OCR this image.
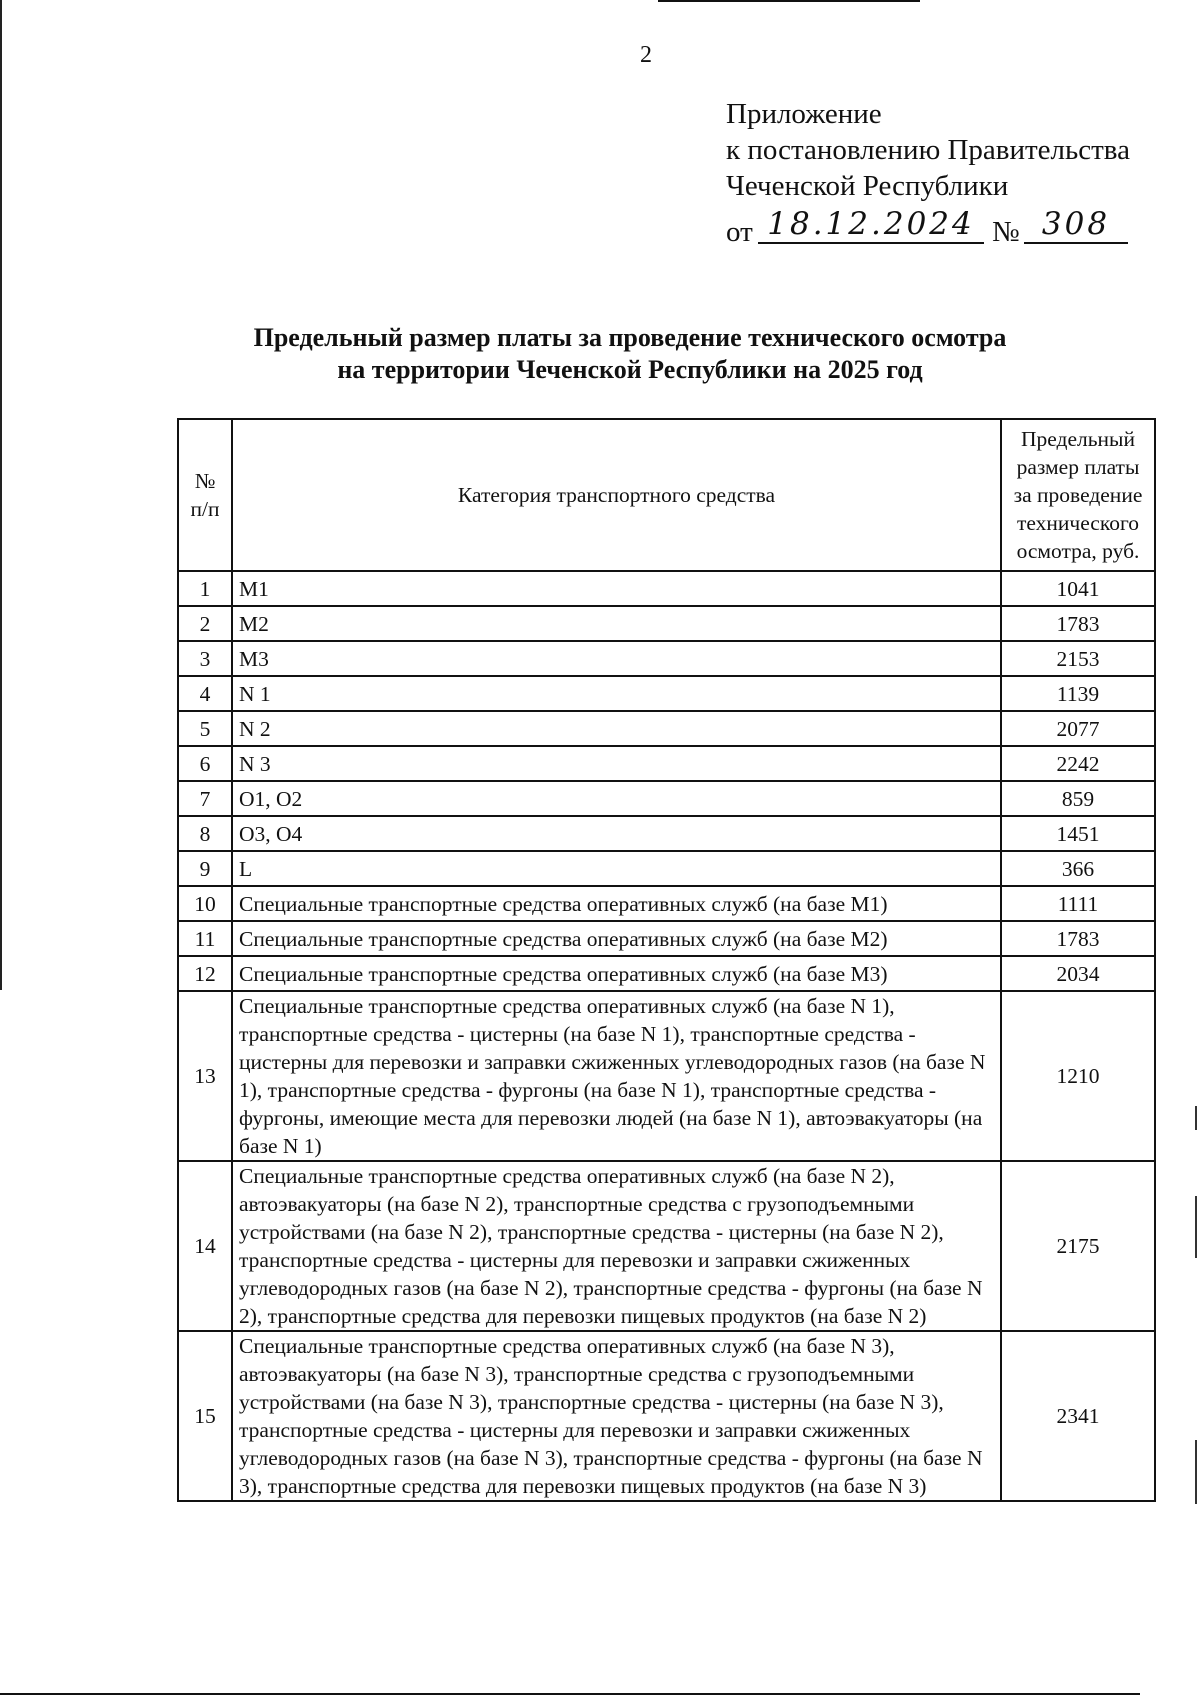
2
Приложение
к постановлению Правительства
Чеченской Республики
от 18.12.2024 № 308
Предельный размер платы за проведение технического осмотра
на территории Чеченской Республики на 2025 год
№ п/п	Категория транспортного средства	Предельный размер платы за проведение технического осмотра, руб.
1	M1	1041
2	M2	1783
3	M3	2153
4	N 1	1139
5	N 2	2077
6	N 3	2242
7	O1, O2	859
8	O3, O4	1451
9	L	366
10	Специальные транспортные средства оперативных служб (на базе M1)	1111
11	Специальные транспортные средства оперативных служб (на базе M2)	1783
12	Специальные транспортные средства оперативных служб (на базе M3)	2034
13	Специальные транспортные средства оперативных служб (на базе N 1), транспортные средства - цистерны (на базе N 1), транспортные средства - цистерны для перевозки и заправки сжиженных углеводородных газов (на базе N 1), транспортные средства - фургоны (на базе N 1), транспортные средства - фургоны, имеющие места для перевозки людей (на базе N 1), автоэвакуаторы (на базе N 1)	1210
14	Специальные транспортные средства оперативных служб (на базе N 2), автоэвакуаторы (на базе N 2), транспортные средства с грузоподъемными устройствами (на базе N 2), транспортные средства - цистерны (на базе N 2), транспортные средства - цистерны для перевозки и заправки сжиженных углеводородных газов (на базе N 2), транспортные средства - фургоны (на базе N 2), транспортные средства для перевозки пищевых продуктов (на базе N 2)	2175
15	Специальные транспортные средства оперативных служб (на базе N 3), автоэвакуаторы (на базе N 3), транспортные средства с грузоподъемными устройствами (на базе N 3), транспортные средства - цистерны (на базе N 3), транспортные средства - цистерны для перевозки и заправки сжиженных углеводородных газов (на базе N 3), транспортные средства - фургоны (на базе N 3), транспортные средства для перевозки пищевых продуктов (на базе N 3)	2341
